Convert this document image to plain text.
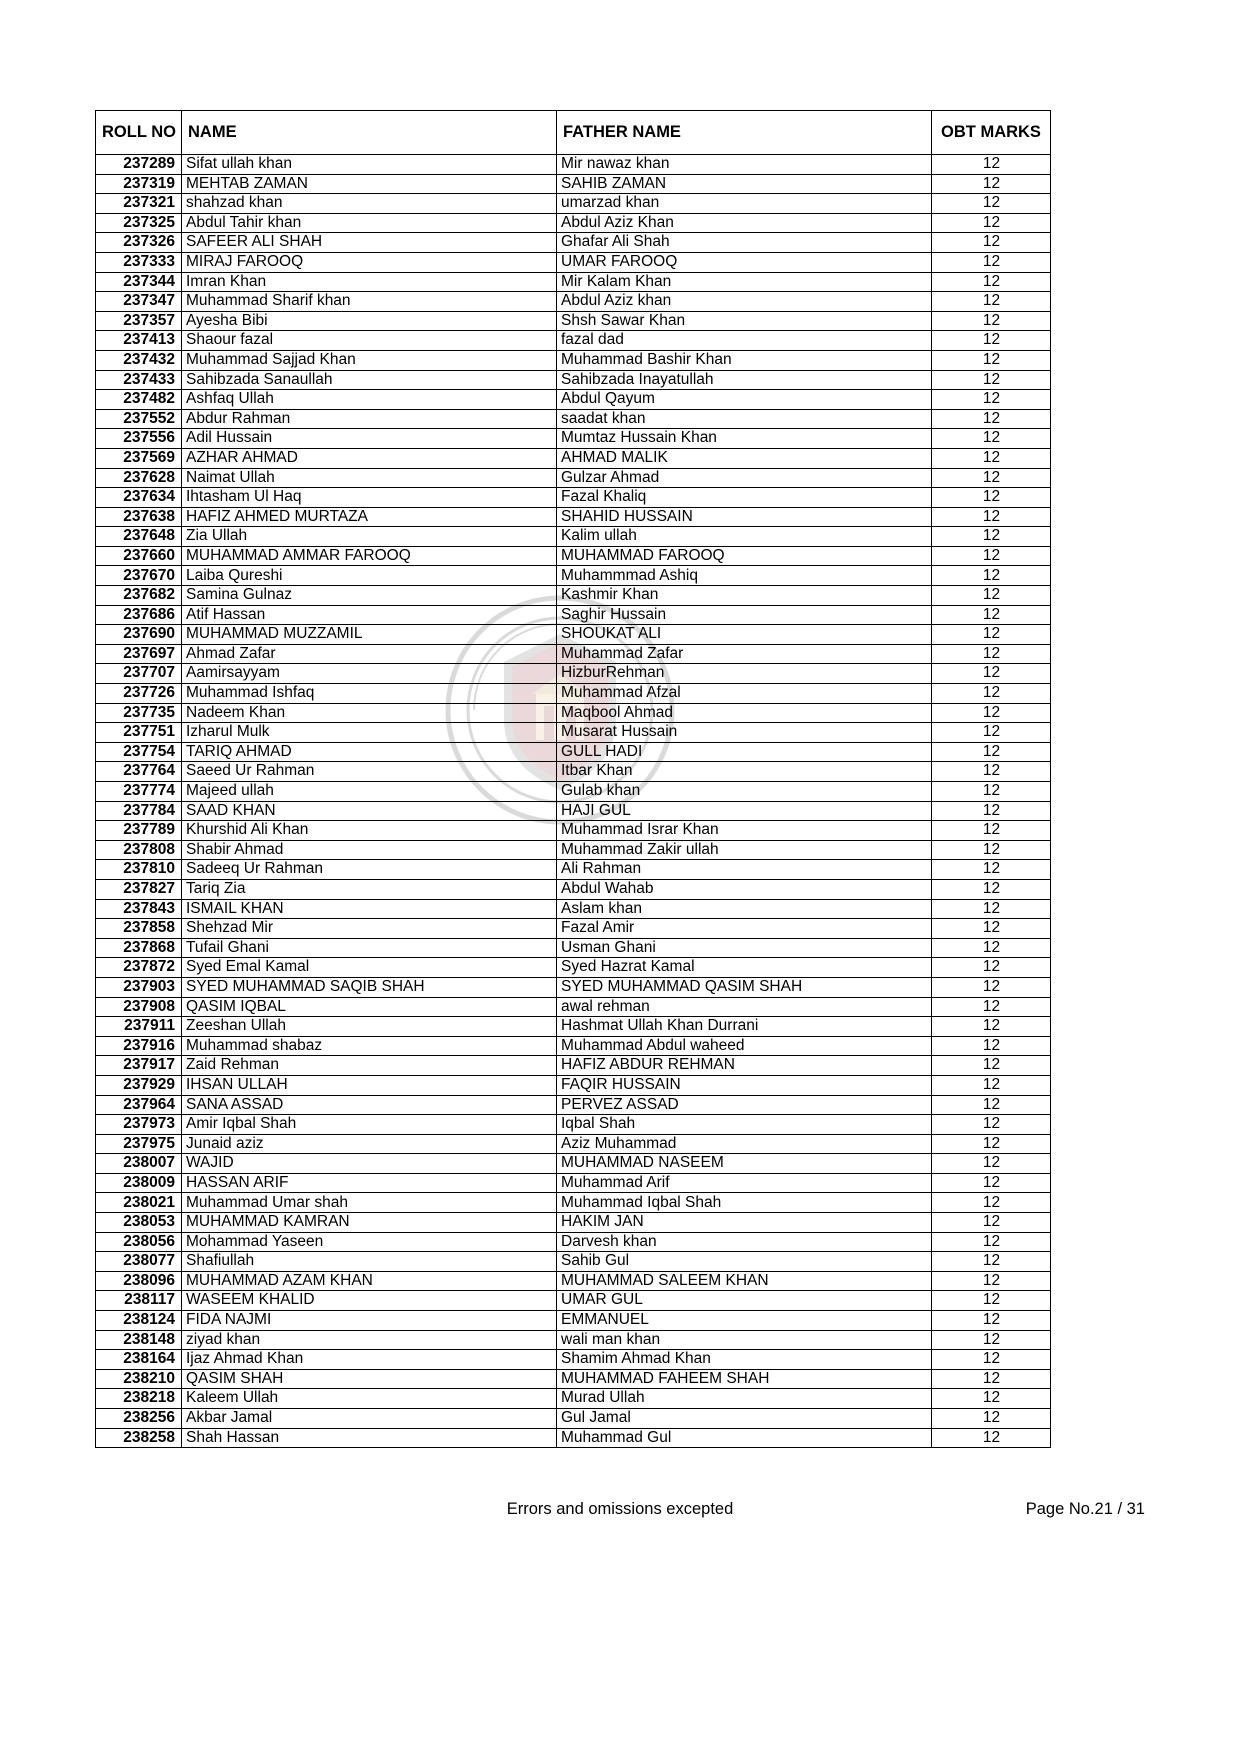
ROLL NO	NAME	FATHER NAME	OBT MARKS
237289	Sifat ullah khan	Mir nawaz khan	12
237319	MEHTAB ZAMAN	SAHIB ZAMAN	12
237321	shahzad khan	umarzad khan	12
237325	Abdul Tahir khan	Abdul Aziz Khan	12
237326	SAFEER ALI SHAH	Ghafar Ali Shah	12
237333	MIRAJ FAROOQ	UMAR FAROOQ	12
237344	Imran Khan	Mir Kalam Khan	12
237347	Muhammad Sharif khan	Abdul Aziz khan	12
237357	Ayesha Bibi	Shsh Sawar Khan	12
237413	Shaour fazal	fazal dad	12
237432	Muhammad Sajjad Khan	Muhammad Bashir Khan	12
237433	Sahibzada Sanaullah	Sahibzada Inayatullah	12
237482	Ashfaq Ullah	Abdul Qayum	12
237552	Abdur Rahman	saadat khan	12
237556	Adil Hussain	Mumtaz Hussain Khan	12
237569	AZHAR AHMAD	AHMAD MALIK	12
237628	Naimat Ullah	Gulzar Ahmad	12
237634	Ihtasham Ul Haq	Fazal Khaliq	12
237638	HAFIZ AHMED MURTAZA	SHAHID HUSSAIN	12
237648	Zia Ullah	Kalim ullah	12
237660	MUHAMMAD AMMAR FAROOQ	MUHAMMAD FAROOQ	12
237670	Laiba Qureshi	Muhammmad Ashiq	12
237682	Samina Gulnaz	Kashmir Khan	12
237686	Atif Hassan	Saghir Hussain	12
237690	MUHAMMAD MUZZAMIL	SHOUKAT ALI	12
237697	Ahmad Zafar	Muhammad Zafar	12
237707	Aamirsayyam	HizburRehman	12
237726	Muhammad Ishfaq	Muhammad Afzal	12
237735	Nadeem Khan	Maqbool Ahmad	12
237751	Izharul Mulk	Musarat Hussain	12
237754	TARIQ AHMAD	GULL HADI	12
237764	Saeed Ur Rahman	Itbar Khan	12
237774	Majeed ullah	Gulab khan	12
237784	SAAD KHAN	HAJI GUL	12
237789	Khurshid Ali Khan	Muhammad Israr Khan	12
237808	Shabir Ahmad	Muhammad Zakir ullah	12
237810	Sadeeq Ur Rahman	Ali Rahman	12
237827	Tariq Zia	Abdul Wahab	12
237843	ISMAIL KHAN	Aslam khan	12
237858	Shehzad Mir	Fazal Amir	12
237868	Tufail Ghani	Usman Ghani	12
237872	Syed Emal Kamal	Syed Hazrat Kamal	12
237903	SYED MUHAMMAD SAQIB SHAH	SYED MUHAMMAD QASIM SHAH	12
237908	QASIM IQBAL	awal rehman	12
237911	Zeeshan Ullah	Hashmat Ullah Khan Durrani	12
237916	Muhammad shabaz	Muhammad Abdul waheed	12
237917	Zaid Rehman	HAFIZ ABDUR REHMAN	12
237929	IHSAN ULLAH	FAQIR HUSSAIN	12
237964	SANA ASSAD	PERVEZ ASSAD	12
237973	Amir Iqbal Shah	Iqbal Shah	12
237975	Junaid aziz	Aziz Muhammad	12
238007	WAJID	MUHAMMAD NASEEM	12
238009	HASSAN ARIF	Muhammad Arif	12
238021	Muhammad Umar shah	Muhammad Iqbal Shah	12
238053	MUHAMMAD KAMRAN	HAKIM JAN	12
238056	Mohammad Yaseen	Darvesh khan	12
238077	Shafiullah	Sahib Gul	12
238096	MUHAMMAD AZAM KHAN	MUHAMMAD SALEEM KHAN	12
238117	WASEEM KHALID	UMAR GUL	12
238124	FIDA NAJMI	EMMANUEL	12
238148	ziyad khan	wali man khan	12
238164	Ijaz Ahmad Khan	Shamim Ahmad Khan	12
238210	QASIM SHAH	MUHAMMAD FAHEEM SHAH	12
238218	Kaleem Ullah	Murad Ullah	12
238256	Akbar Jamal	Gul Jamal	12
238258	Shah Hassan	Muhammad Gul	12
Errors and omissions excepted	Page No.21 / 31
